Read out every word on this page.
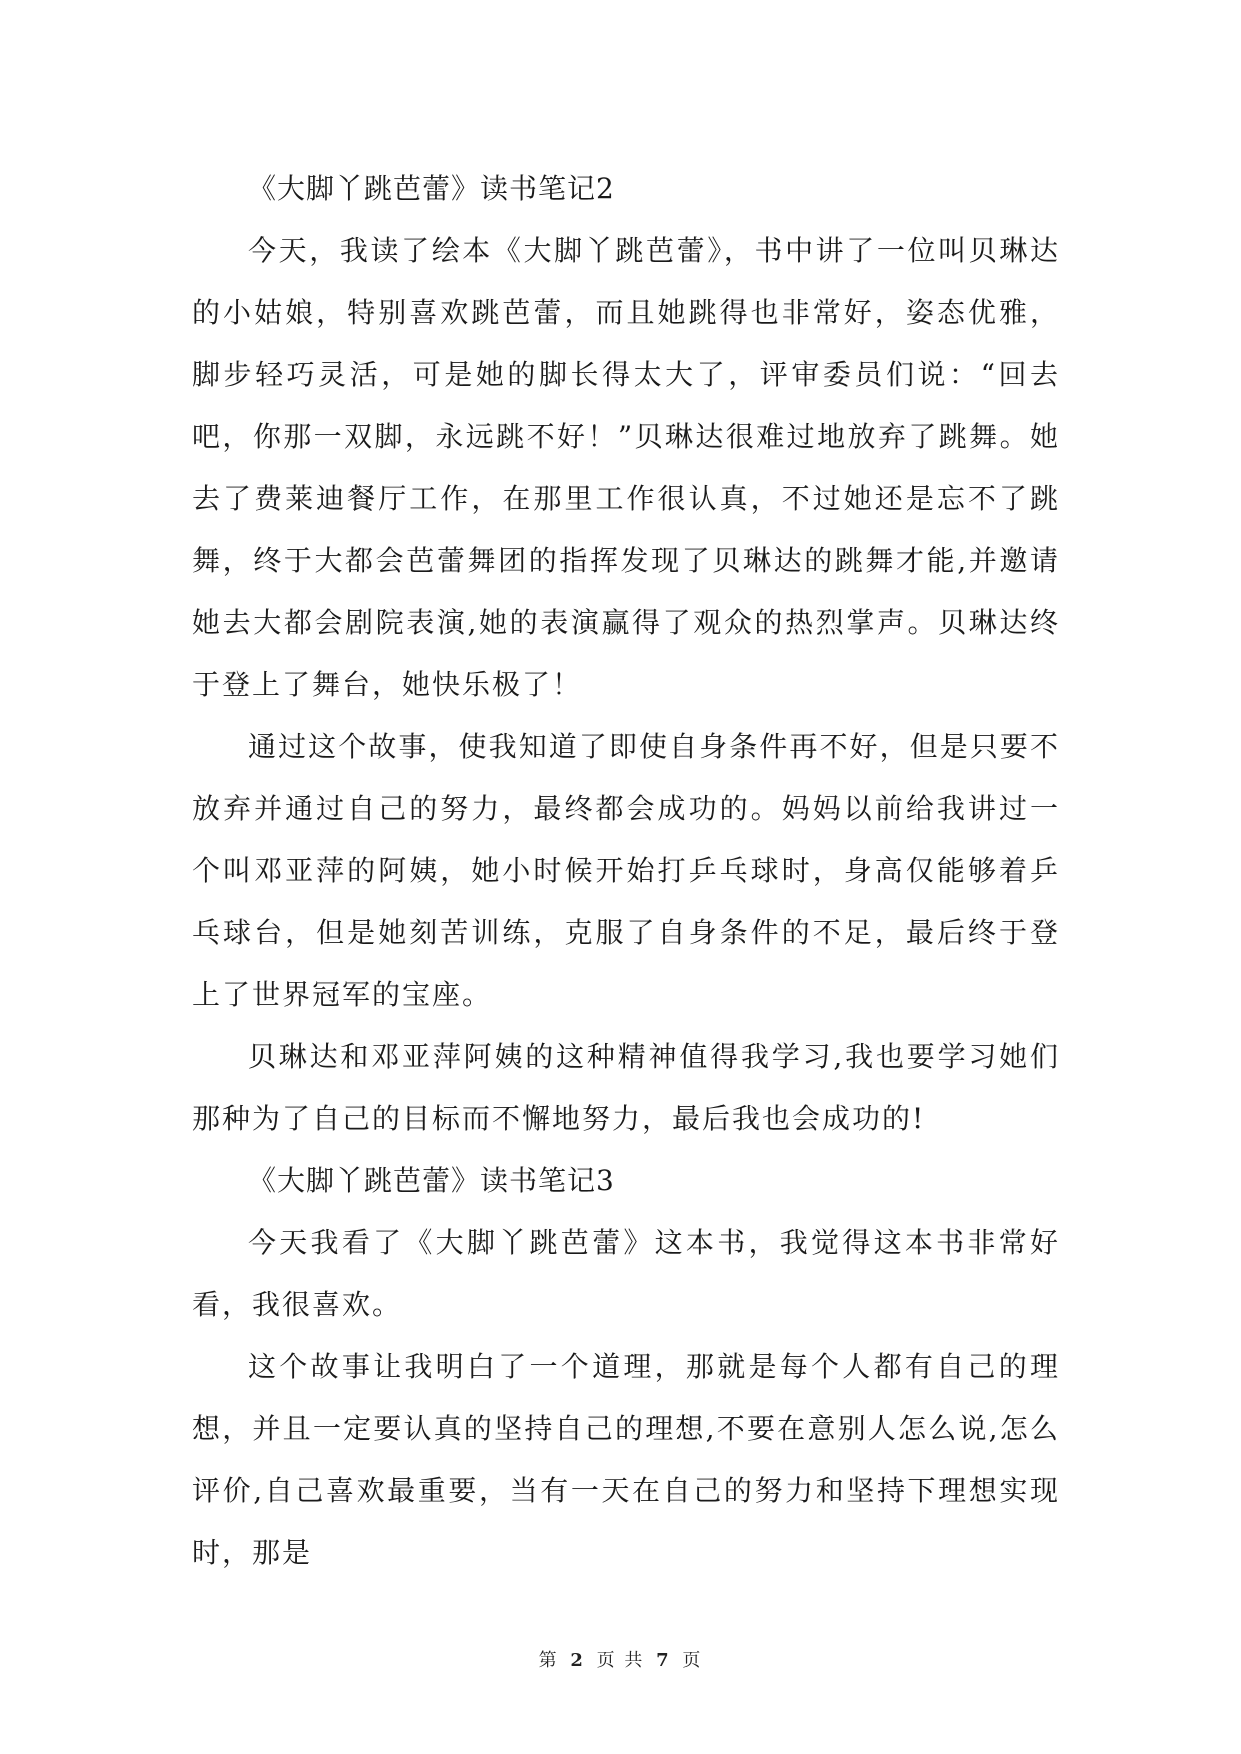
《大脚丫跳芭蕾》读书笔记2

今天，我读了绘本《大脚丫跳芭蕾》，书中讲了一位叫贝琳达的小姑娘，特别喜欢跳芭蕾，而且她跳得也非常好，姿态优雅，脚步轻巧灵活，可是她的脚长得太大了，评审委员们说：“回去吧，你那一双脚，永远跳不好！”贝琳达很难过地放弃了跳舞。她去了费莱迪餐厅工作，在那里工作很认真，不过她还是忘不了跳舞，终于大都会芭蕾舞团的指挥发现了贝琳达的跳舞才能,并邀请她去大都会剧院表演,她的表演赢得了观众的热烈掌声。贝琳达终于登上了舞台，她快乐极了！

通过这个故事，使我知道了即使自身条件再不好，但是只要不放弃并通过自己的努力，最终都会成功的。妈妈以前给我讲过一个叫邓亚萍的阿姨，她小时候开始打乒乓球时，身高仅能够着乒乓球台，但是她刻苦训练，克服了自身条件的不足，最后终于登上了世界冠军的宝座。

贝琳达和邓亚萍阿姨的这种精神值得我学习,我也要学习她们那种为了自己的目标而不懈地努力，最后我也会成功的!

《大脚丫跳芭蕾》读书笔记3

今天我看了《大脚丫跳芭蕾》这本书，我觉得这本书非常好看，我很喜欢。

这个故事让我明白了一个道理，那就是每个人都有自己的理想，并且一定要认真的坚持自己的理想,不要在意别人怎么说,怎么评价,自己喜欢最重要，当有一天在自己的努力和坚持下理想实现时，那是

第 2 页 共 7 页
